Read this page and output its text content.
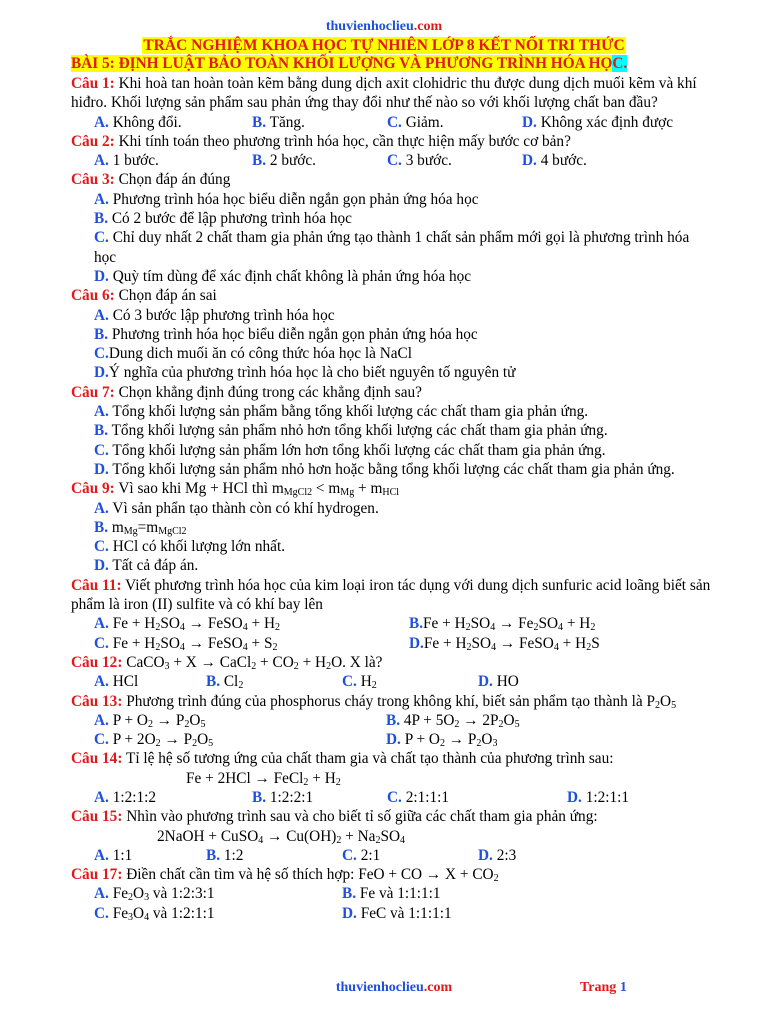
thuvienhoclieu.com
TRẮC NGHIỆM KHOA HỌC TỰ NHIÊN LỚP 8 KẾT NỐI TRI THỨC
BÀI 5: ĐỊNH LUẬT BẢO TOÀN KHỐI LƯỢNG VÀ PHƯƠNG TRÌNH HÓA HỌC.

Câu 1: Khi hoà tan hoàn toàn kẽm bằng dung dịch axit clohidric thu được dung dịch muối kẽm và khí hiđro. Khối lượng sản phẩm sau phản ứng thay đổi như thế nào so với khối lượng chất ban đầu?

A. Không đổi.	B. Tăng.	C. Giảm.	D. Không xác định được

Câu 2: Khi tính toán theo phương trình hóa học, cần thực hiện mấy bước cơ bản?

A. 1 bước.	B. 2 bước.	C. 3 bước.	D. 4 bước.

Câu 3: Chọn đáp án đúng

A. Phương trình hóa học biểu diễn ngắn gọn phản ứng hóa học

B. Có 2 bước để lập phương trình hóa học

C. Chỉ duy nhất 2 chất tham gia phản ứng tạo thành 1 chất sản phẩm mới gọi là phương trình hóa học

D. Quỳ tím dùng để xác định chất không là phản ứng hóa học

Câu 6: Chọn đáp án sai

A. Có 3 bước lập phương trình hóa học

B. Phương trình hóa học biểu diễn ngắn gọn phản ứng hóa học

C.Dung dich muối ăn có công thức hóa học là NaCl

D.Ý nghĩa của phương trình hóa học là cho biết nguyên tố nguyên tử

Câu 7: Chọn khẳng định đúng trong các khẳng định sau?

A. Tổng khối lượng sản phẩm bằng tổng khối lượng các chất tham gia phản ứng.

B. Tổng khối lượng sản phẩm nhỏ hơn tổng khối lượng các chất tham gia phản ứng.

C. Tổng khối lượng sản phẩm lớn hơn tổng khối lượng các chất tham gia phản ứng.

D. Tổng khối lượng sản phẩm nhỏ hơn hoặc bằng tổng khối lượng các chất tham gia phản ứng.

Câu 9: Vì sao khi Mg + HCl thì $m_{MgCl2} < m_{Mg} + m_{HCl}$

A. Vì sản phẩn tạo thành còn có khí hydrogen.

B. $m_{Mg}=m_{MgCl2}$

C. HCl có khối lượng lớn nhất.

D. Tất cả đáp án.

Câu 11: Viết phương trình hóa học của kim loại iron tác dụng với dung dịch sunfuric acid loãng biết sản phẩm là iron (II) sulfite và có khí bay lên

A. $Fe + H_2SO_4$ → FeSO$_4$ + $H_2$	$B.Fe + H_2SO_4 \to Fe_2SO_4 + H_2$
C. $Fe + H_2SO_4$ → FeSO$_4$ + $S_2$	$D.Fe + H_2SO_4$ → FeSO$_4$ + $H_2S$

Câu 12: CaCO$_3$ + X → CaCl$_2$ + $CO_2 + H_2O$. X là?

A. HCl	B. $Cl_2$	C. $H_2$	D. HO

Câu 13: Phương trình đúng của phosphorus cháy trong không khí, biết sản phẩm tạo thành là $P_2O_5$

A. $P + O_2 \to P_2O_5$	B. $4P + 5O_2 \to 2P_2O_5$
C. $P + 2O_2 \to P_2O_5$	D. $P + O_2 \to P_2O_3$

Câu 14: Tỉ lệ hệ số tương ứng của chất tham gia và chất tạo thành của phương trình sau:

Fe + 2HCl → FeCl$_2$ + $H_2$

A. 1:2:1:2	B. 1:2:2:1	C. 2:1:1:1	D. 1:2:1:1

Câu 15: Nhìn vào phương trình sau và cho biết tỉ số giữa các chất tham gia phản ứng:

2NaOH + CuSO$_4$ → $Cu(OH)_2 + Na_2SO_4$

A. 1:1	B. 1:2	C. 2:1	D. 2:3

Câu 17: Điền chất cần tìm và hệ số thích hợp: FeO + CO → $X + CO_2$

A. $Fe_2O_3$ và 1:2:3:1	B. Fe và 1:1:1:1
C. $Fe_3O_4$ và 1:2:1:1	D. FeC và 1:1:1:1
thuvienhoclieu.com	Trang 1
